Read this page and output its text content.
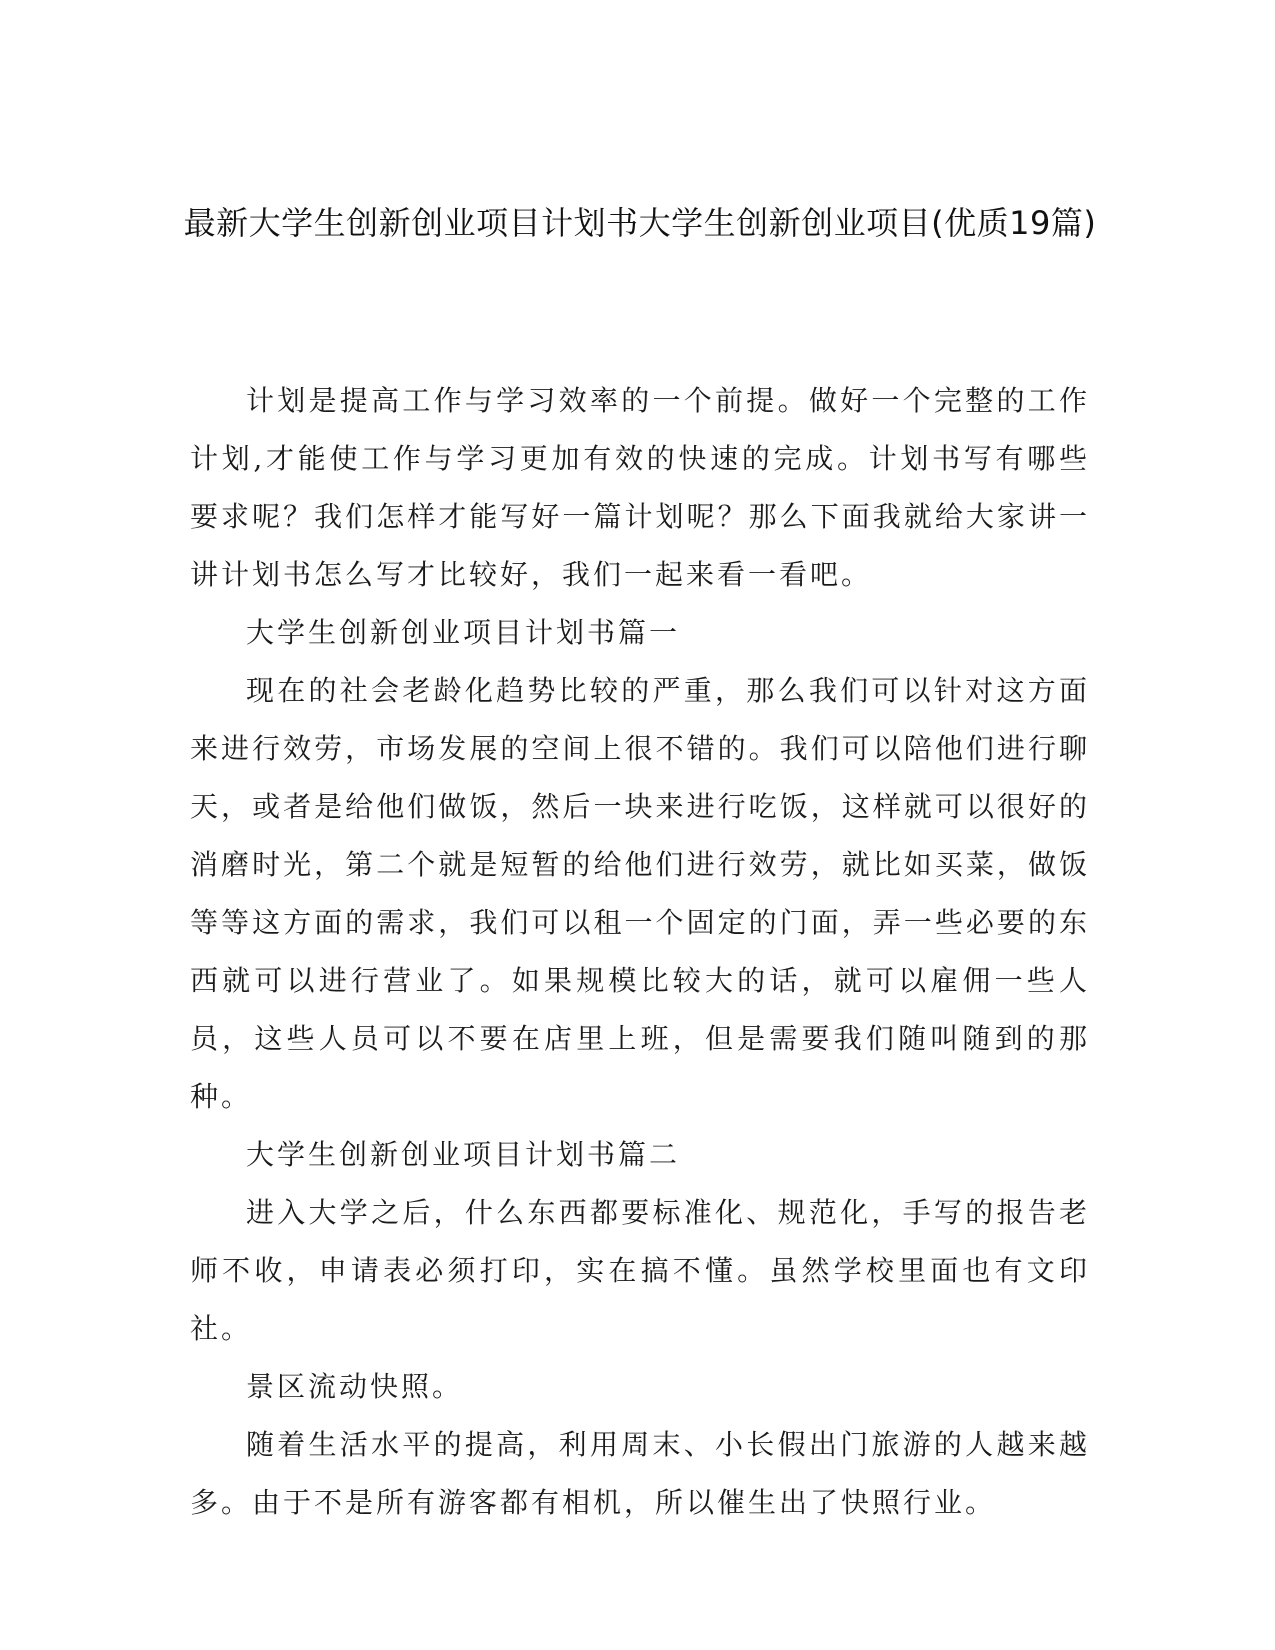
最新大学生创新创业项目计划书大学生创新创业项目(优质19篇)

计划是提高工作与学习效率的一个前提。做好一个完整的工作计划,才能使工作与学习更加有效的快速的完成。计划书写有哪些要求呢？我们怎样才能写好一篇计划呢？那么下面我就给大家讲一讲计划书怎么写才比较好，我们一起来看一看吧。

大学生创新创业项目计划书篇一

现在的社会老龄化趋势比较的严重，那么我们可以针对这方面来进行效劳，市场发展的空间上很不错的。我们可以陪他们进行聊天，或者是给他们做饭，然后一块来进行吃饭，这样就可以很好的消磨时光，第二个就是短暂的给他们进行效劳，就比如买菜，做饭等等这方面的需求，我们可以租一个固定的门面，弄一些必要的东西就可以进行营业了。如果规模比较大的话，就可以雇佣一些人员，这些人员可以不要在店里上班，但是需要我们随叫随到的那种。

大学生创新创业项目计划书篇二

进入大学之后，什么东西都要标准化、规范化，手写的报告老师不收，申请表必须打印，实在搞不懂。虽然学校里面也有文印社。

景区流动快照。

随着生活水平的提高，利用周末、小长假出门旅游的人越来越多。由于不是所有游客都有相机，所以催生出了快照行业。
